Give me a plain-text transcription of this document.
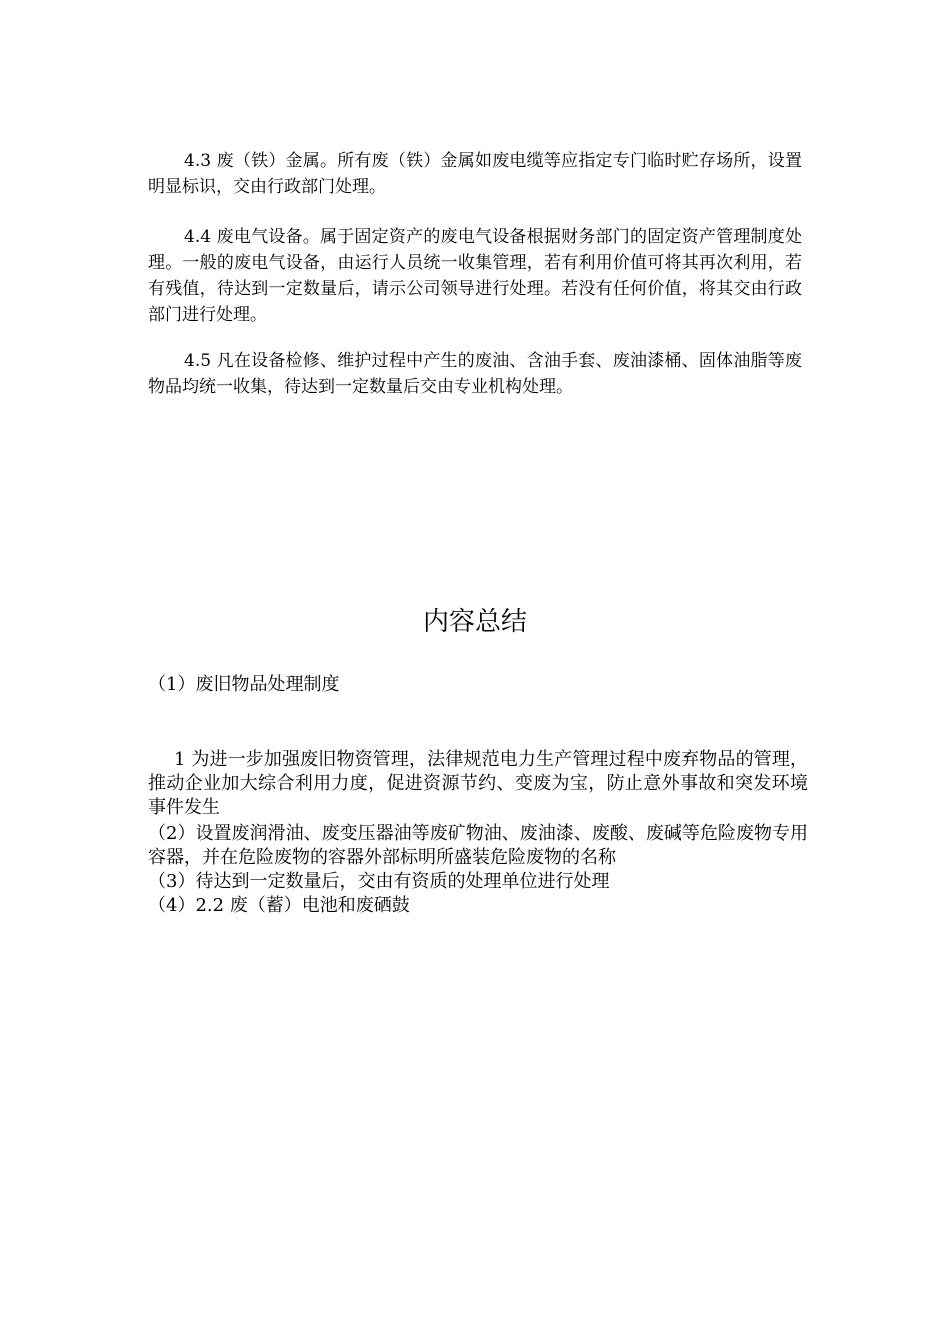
4.3 废（铁）金属。所有废（铁）金属如废电缆等应指定专门临时贮存场所，设置明显标识，交由行政部门处理。

4.4 废电气设备。属于固定资产的废电气设备根据财务部门的固定资产管理制度处理。一般的废电气设备，由运行人员统一收集管理，若有利用价值可将其再次利用，若有残值，待达到一定数量后，请示公司领导进行处理。若没有任何价值，将其交由行政部门进行处理。

4.5 凡在设备检修、维护过程中产生的废油、含油手套、废油漆桶、固体油脂等废物品均统一收集，待达到一定数量后交由专业机构处理。

内容总结

（1）废旧物品处理制度

1 为进一步加强废旧物资管理，法律规范电力生产管理过程中废弃物品的管理，推动企业加大综合利用力度，促进资源节约、变废为宝，防止意外事故和突发环境事件发生

（2）设置废润滑油、废变压器油等废矿物油、废油漆、废酸、废碱等危险废物专用容器，并在危险废物的容器外部标明所盛装危险废物的名称
（3）待达到一定数量后，交由有资质的处理单位进行处理
（4）2.2 废（蓄）电池和废硒鼓
